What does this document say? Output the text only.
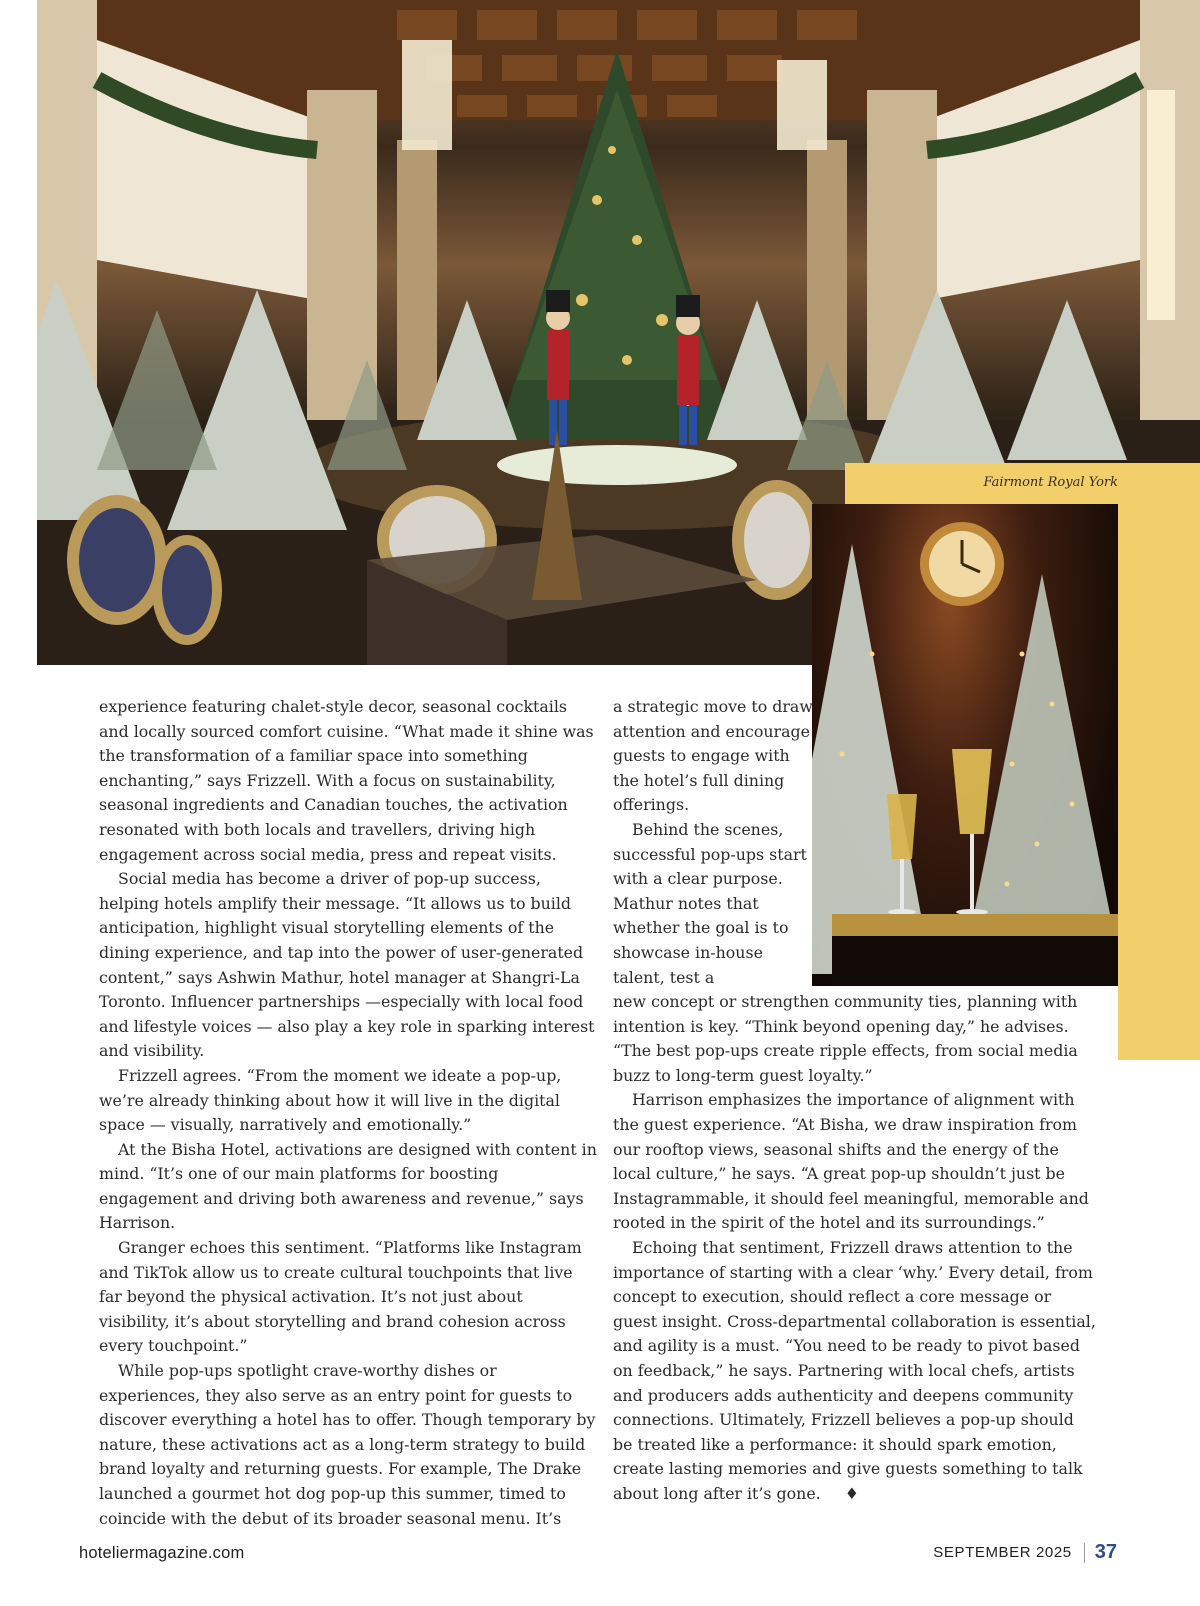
Fairmont Royal York

experience featuring chalet-style decor, seasonal cocktails and locally sourced comfort cuisine. “What made it shine was the transformation of a familiar space into something enchanting,” says Frizzell. With a focus on sustainability, seasonal ingredients and Canadian touches, the activation resonated with both locals and travellers, driving high engagement across social media, press and repeat visits.

Social media has become a driver of pop-up success, helping hotels amplify their message. “It allows us to build anticipation, highlight visual storytelling elements of the dining experience, and tap into the power of user-generated content,” says Ashwin Mathur, hotel manager at Shangri-La Toronto. Influencer partnerships —especially with local food and lifestyle voices — also play a key role in sparking interest and visibility.

Frizzell agrees. “From the moment we ideate a pop-up, we’re already thinking about how it will live in the digital space — visually, narratively and emotionally.”

At the Bisha Hotel, activations are designed with content in mind. “It’s one of our main platforms for boosting engagement and driving both awareness and revenue,” says Harrison.

Granger echoes this sentiment. “Platforms like Instagram and TikTok allow us to create cultural touchpoints that live far beyond the physical activation. It’s not just about visibility, it’s about storytelling and brand cohesion across every touchpoint.”

While pop-ups spotlight crave-worthy dishes or experiences, they also serve as an entry point for guests to discover everything a hotel has to offer. Though temporary by nature, these activations act as a long-term strategy to build brand loyalty and returning guests. For example, The Drake launched a gourmet hot dog pop-up this summer, timed to coincide with the debut of its broader seasonal menu. It’s

a strategic move to draw attention and encourage guests to engage with the hotel’s full dining offerings.

Behind the scenes, successful pop-ups start with a clear purpose. Mathur notes that whether the goal is to showcase in-house talent, test a

new concept or strengthen community ties, planning with intention is key. “Think beyond opening day,” he advises. “The best pop-ups create ripple effects, from social media buzz to long-term guest loyalty.”

Harrison emphasizes the importance of alignment with the guest experience. “At Bisha, we draw inspiration from our rooftop views, seasonal shifts and the energy of the local culture,” he says. “A great pop-up shouldn’t just be Instagrammable, it should feel meaningful, memorable and rooted in the spirit of the hotel and its surroundings.”

Echoing that sentiment, Frizzell draws attention to the importance of starting with a clear ‘why.’ Every detail, from concept to execution, should reflect a core message or guest insight. Cross-departmental collaboration is essential, and agility is a must. “You need to be ready to pivot based on feedback,” he says. Partnering with local chefs, artists and producers adds authenticity and deepens community connections. Ultimately, Frizzell believes a pop-up should be treated like a performance: it should spark emotion, create lasting memories and give guests something to talk about long after it’s gone. ♦

hoteliermagazine.com	SEPTEMBER 2025 37
